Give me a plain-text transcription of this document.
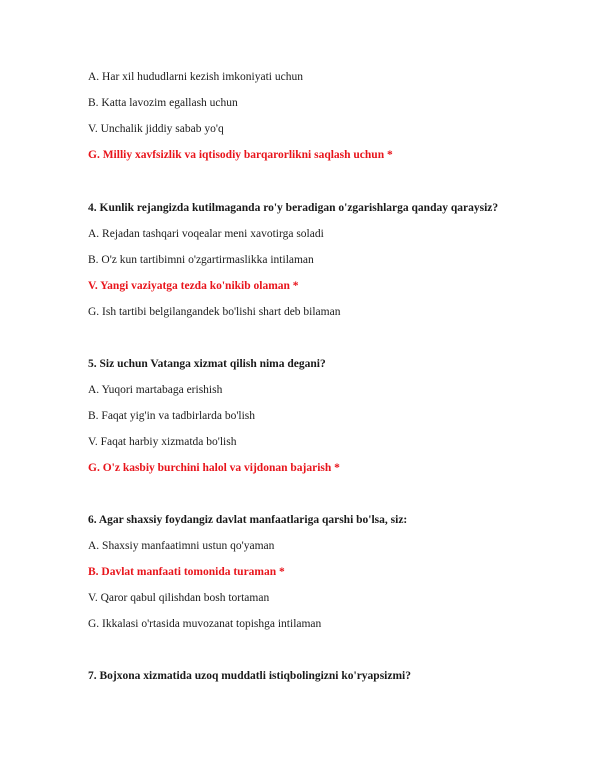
A. Har xil hududlarni kezish imkoniyati uchun
B. Katta lavozim egallash uchun
V. Unchalik jiddiy sabab yo'q
G. Milliy xavfsizlik va iqtisodiy barqarorlikni saqlash uchun *
4. Kunlik rejangizda kutilmaganda ro'y beradigan o'zgarishlarga qanday qaraysiz?
A. Rejadan tashqari voqealar meni xavotirga soladi
B. O'z kun tartibimni o'zgartirmaslikka intilaman
V. Yangi vaziyatga tezda ko'nikib olaman *
G. Ish tartibi belgilangandek bo'lishi shart deb bilaman
5. Siz uchun Vatanga xizmat qilish nima degani?
A. Yuqori martabaga erishish
B. Faqat yig'in va tadbirlarda bo'lish
V. Faqat harbiy xizmatda bo'lish
G. O'z kasbiy burchini halol va vijdonan bajarish *
6. Agar shaxsiy foydangiz davlat manfaatlariga qarshi bo'lsa, siz:
A. Shaxsiy manfaatimni ustun qo'yaman
B. Davlat manfaati tomonida turaman *
V. Qaror qabul qilishdan bosh tortaman
G. Ikkalasi o'rtasida muvozanat topishga intilaman
7. Bojxona xizmatida uzoq muddatli istiqbolingizni ko'ryapsizmi?
